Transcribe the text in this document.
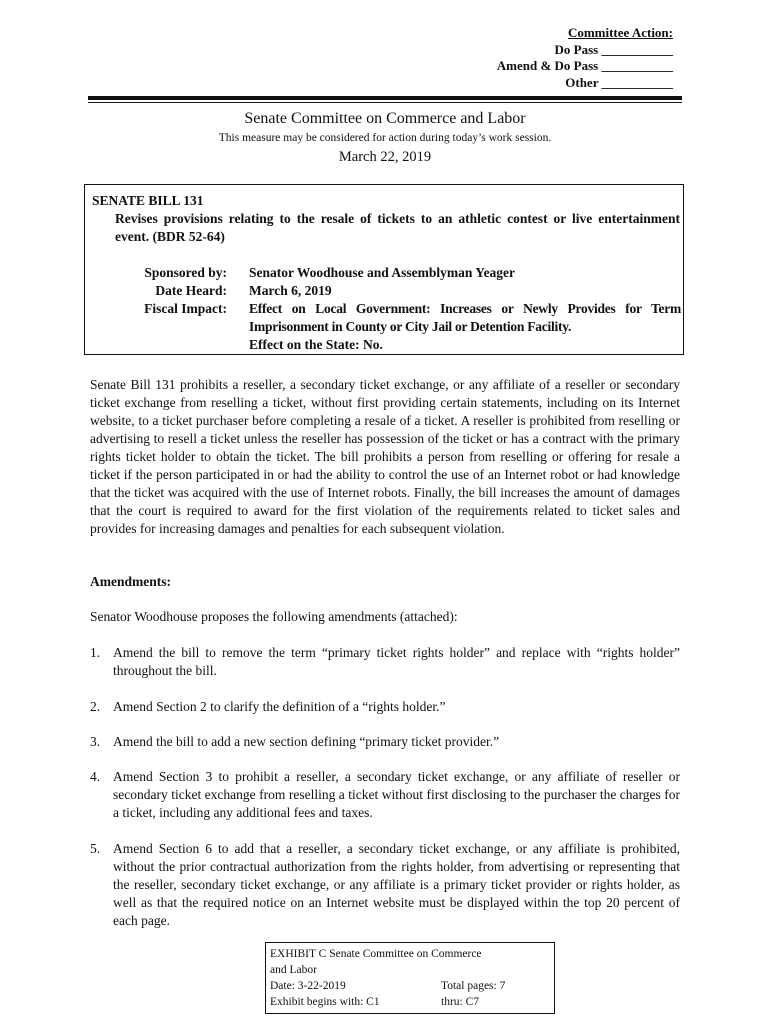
Committee Action:
Do Pass ___________
Amend & Do Pass ___________
Other ___________
Senate Committee on Commerce and Labor
This measure may be considered for action during today’s work session.
March 22, 2019
SENATE BILL 131
Revises provisions relating to the resale of tickets to an athletic contest or live entertainment event. (BDR 52-64)
Sponsored by: Senator Woodhouse and Assemblyman Yeager
Date Heard: March 6, 2019
Fiscal Impact: Effect on Local Government: Increases or Newly Provides for Term Imprisonment in County or City Jail or Detention Facility.
Effect on the State: No.
Senate Bill 131 prohibits a reseller, a secondary ticket exchange, or any affiliate of a reseller or secondary ticket exchange from reselling a ticket, without first providing certain statements, including on its Internet website, to a ticket purchaser before completing a resale of a ticket. A reseller is prohibited from reselling or advertising to resell a ticket unless the reseller has possession of the ticket or has a contract with the primary rights ticket holder to obtain the ticket. The bill prohibits a person from reselling or offering for resale a ticket if the person participated in or had the ability to control the use of an Internet robot or had knowledge that the ticket was acquired with the use of Internet robots. Finally, the bill increases the amount of damages that the court is required to award for the first violation of the requirements related to ticket sales and provides for increasing damages and penalties for each subsequent violation.
Amendments:
Senator Woodhouse proposes the following amendments (attached):
1. Amend the bill to remove the term “primary ticket rights holder” and replace with “rights holder” throughout the bill.
2. Amend Section 2 to clarify the definition of a “rights holder.”
3. Amend the bill to add a new section defining “primary ticket provider.”
4. Amend Section 3 to prohibit a reseller, a secondary ticket exchange, or any affiliate of reseller or secondary ticket exchange from reselling a ticket without first disclosing to the purchaser the charges for a ticket, including any additional fees and taxes.
5. Amend Section 6 to add that a reseller, a secondary ticket exchange, or any affiliate is prohibited, without the prior contractual authorization from the rights holder, from advertising or representing that the reseller, secondary ticket exchange, or any affiliate is a primary ticket provider or rights holder, as well as that the required notice on an Internet website must be displayed within the top 20 percent of each page.
EXHIBIT C Senate Committee on Commerce
and Labor
Date: 3-22-2019	Total pages: 7
Exhibit begins with: C1	thru: C7
